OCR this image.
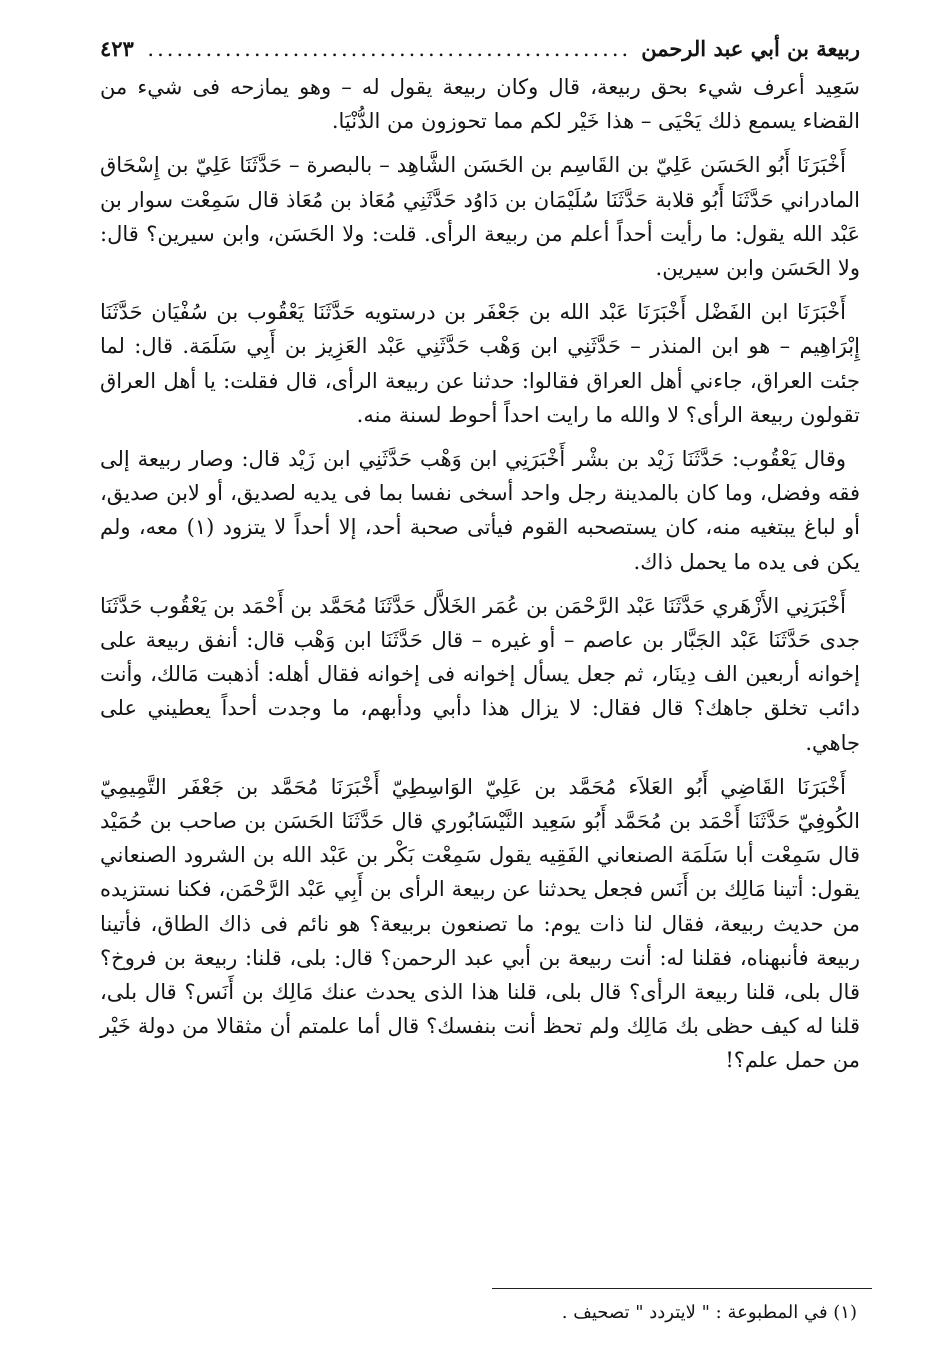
ربيعة بن أبي عبد الرحمن
.....
٤٢٣

سَعِيد أعرف شيء بحق ربيعة، قال وكان ربيعة يقول له – وهو يمازحه فى شيء من القضاء يسمع ذلك يَحْيَى – هذا خَيْر لكم مما تحوزون من الدُّنْيَا.

أَخْبَرَنَا أَبُو الحَسَن عَلِيّ بن القَاسِم بن الحَسَن الشَّاهِد – بالبصرة – حَدَّثَنَا عَلِيّ بن إِسْحَاق المادراني حَدَّثَنَا أَبُو قلابة حَدَّثَنَا سُلَيْمَان بن دَاوُد حَدَّثَنِي مُعَاذ بن مُعَاذ قال سَمِعْت سوار بن عَبْد الله يقول: ما رأيت أحداً أعلم من ربيعة الرأى. قلت: ولا الحَسَن، وابن سيرين؟ قال: ولا الحَسَن وابن سيرين.

أَخْبَرَنَا ابن الفَضْل أَخْبَرَنَا عَبْد الله بن جَعْفَر بن درستويه حَدَّثَنَا يَعْقُوب بن سُفْيَان حَدَّثَنَا إِبْرَاهِيم – هو ابن المنذر – حَدَّثَنِي ابن وَهْب حَدَّثَنِي عَبْد العَزِيز بن أَبِي سَلَمَة. قال: لما جئت العراق، جاءني أهل العراق فقالوا: حدثنا عن ربيعة الرأى، قال فقلت: يا أهل العراق تقولون ربيعة الرأى؟ لا والله ما رايت احداً أحوط لسنة منه.

وقال يَعْقُوب: حَدَّثَنَا زَيْد بن بشْر أَخْبَرَنِي ابن وَهْب حَدَّثَنِي ابن زَيْد قال: وصار ربيعة إلى فقه وفضل، وما كان بالمدينة رجل واحد أسخى نفسا بما فى يديه لصديق، أو لابن صديق، أو لباغ يبتغيه منه، كان يستصحبه القوم فيأتى صحبة أحد، إلا أحداً لا يتزود (١) معه، ولم يكن فى يده ما يحمل ذاك.

أَخْبَرَنِي الأَزْهَري حَدَّثَنَا عَبْد الرَّحْمَن بن عُمَر الخَلاَّل حَدَّثَنَا مُحَمَّد بن أَحْمَد بن يَعْقُوب حَدَّثَنَا جدى حَدَّثَنَا عَبْد الجَبَّار بن عاصم – أو غيره – قال حَدَّثَنَا ابن وَهْب قال: أنفق ربيعة على إخوانه أربعين الف دِينَار، ثم جعل يسأل إخوانه فى إخوانه فقال أهله: أذهبت مَالك، وأنت دائب تخلق جاهك؟ قال فقال: لا يزال هذا دأبي ودأبهم، ما وجدت أحداً يعطيني على جاهي.

أَخْبَرَنَا القَاضِي أَبُو العَلاَء مُحَمَّد بن عَلِيّ الوَاسِطِيّ أَخْبَرَنَا مُحَمَّد بن جَعْفَر التَّمِيمِيّ الكُوفِيّ حَدَّثَنَا أَحْمَد بن مُحَمَّد أَبُو سَعِيد النَّيْسَابُوري قال حَدَّثَنَا الحَسَن بن صاحب بن حُمَيْد قال سَمِعْت أبا سَلَمَة الصنعاني الفَقِيه يقول سَمِعْت بَكْر بن عَبْد الله بن الشرود الصنعاني يقول: أتينا مَالِك بن أَنَس فجعل يحدثنا عن ربيعة الرأى بن أَبِي عَبْد الرَّحْمَن، فكنا نستزيده من حديث ربيعة، فقال لنا ذات يوم: ما تصنعون بربيعة؟ هو نائم فى ذاك الطاق، فأتينا ربيعة فأنبهناه، فقلنا له: أنت ربيعة بن أبي عبد الرحمن؟ قال: بلى، قلنا: ربيعة بن فروخ؟ قال بلى، قلنا ربيعة الرأى؟ قال بلى، قلنا هذا الذى يحدث عنك مَالِك بن أَنَس؟ قال بلى، قلنا له كيف حظى بك مَالِك ولم تحظ أنت بنفسك؟ قال أما علمتم أن مثقالا من دولة خَيْر من حمل علم؟!

(١) في المطبوعة : " لايتردد " تصحيف .
